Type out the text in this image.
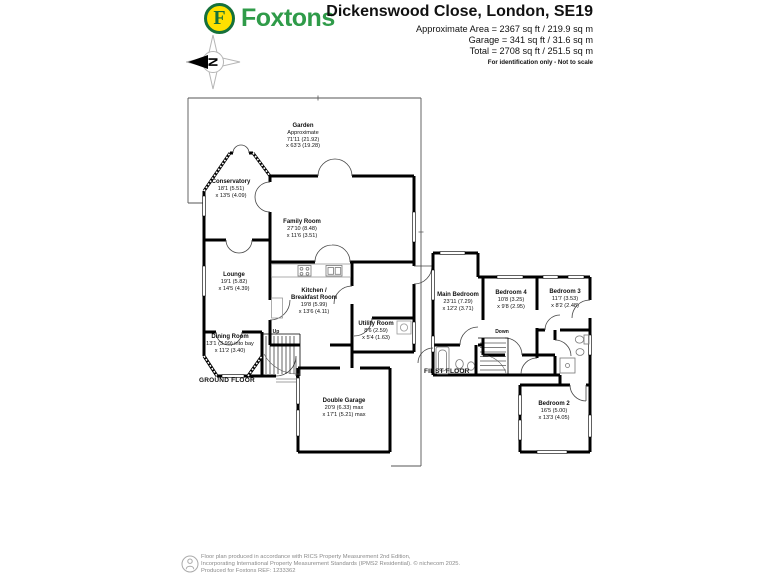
F Foxtons
Dickenswood Close, London, SE19
Approximate Area = 2367 sq ft / 219.9 sq m
Garage = 341 sq ft / 31.6 sq m
Total = 2708 sq ft / 251.5 sq m
For identification only - Not to scale
N
Garden
Approximate
71'11 (21.92)
x 63'3 (19.28)
Conservatory
18'1 (5.51)
x 13'5 (4.09)
Family Room
27'10 (8.48)
x 11'6 (3.51)
Lounge
19'1 (5.82)
x 14'5 (4.39)	Kitchen /
Breakfast Room
19'8 (5.99)
x 13'6 (4.11)
Dining Room
13'1 (3.99) into bay
x 11'2 (3.40)
Utility Room
8'6 (2.59)
x 5'4 (1.63)
Double Garage
20'9 (6.33) max
x 17'1 (5.21) max
Main Bedroom
23'11 (7.29)
x 12'2 (3.71)
Bedroom 4
10'8 (3.25)
x 9'8 (2.95)
Bedroom 3
11'7 (3.53)
x 8'2 (2.48)
Bedroom 2
16'5 (5.00)
x 13'3 (4.05)
GROUND FLOOR
FIRST FLOOR
Up	Down
Floor plan produced in accordance with RICS Property Measurement 2nd Edition,
Incorporating International Property Measurement Standards (IPMS2 Residential). © nichecom 2025.
Produced for Foxtons REF: 1233362
